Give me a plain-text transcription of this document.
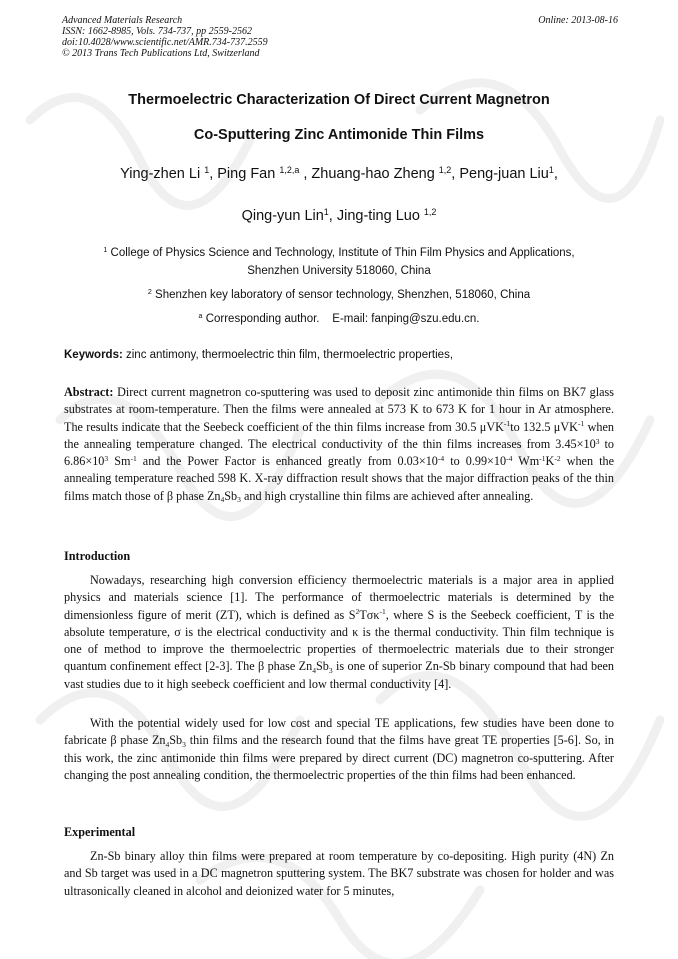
Advanced Materials Research
ISSN: 1662-8985, Vols. 734-737, pp 2559-2562
doi:10.4028/www.scientific.net/AMR.734-737.2559
© 2013 Trans Tech Publications Ltd, Switzerland
Online: 2013-08-16
Thermoelectric Characterization Of Direct Current Magnetron
Co-Sputtering Zinc Antimonide Thin Films
Ying-zhen Li $^1$, Ping Fan $^{1,2,a}$ , Zhuang-hao Zheng $^{1,2}$, Peng-juan Liu$^1$,
Qing-yun Lin$^1$, Jing-ting Luo $^{1,2}$
$^1$ College of Physics Science and Technology, Institute of Thin Film Physics and Applications,
Shenzhen University 518060, China
$^2$ Shenzhen key laboratory of sensor technology, Shenzhen, 518060, China
$^a$ Corresponding author. E-mail: fanping@szu.edu.cn.
Keywords: zinc antimony, thermoelectric thin film, thermoelectric properties,
Abstract: Direct current magnetron co-sputtering was used to deposit zinc antimonide thin films on BK7 glass substrates at room-temperature. Then the films were annealed at 573 K to 673 K for 1 hour in Ar atmosphere. The results indicate that the Seebeck coefficient of the thin films increase from 30.5 μVK$^{-1}$to 132.5 μVK$^{-1}$ when the annealing temperature changed. The electrical conductivity of the thin films increases from $3.45\times 10^3$ to $6.86\times 10^3$ $Sm^{-1}$ and the Power Factor is enhanced greatly from $0.03\times 10^{-4}$ to $0.99\times 10^{-4}$ $Wm^{-1}K^{-2}$ when the annealing temperature reached 598 K. X-ray diffraction result shows that the major diffraction peaks of the thin films match those of β phase $Zn_4Sb_3$ and high crystalline thin films are achieved after annealing.
Introduction
Nowadays, researching high conversion efficiency thermoelectric materials is a major area in applied physics and materials science [1]. The performance of thermoelectric materials is determined by the dimensionless figure of merit (ZT), which is defined as $S^2T\sigma\kappa^{-1}$, where S is the Seebeck coefficient, T is the absolute temperature, σ is the electrical conductivity and κ is the thermal conductivity. Thin film technique is one of method to improve the thermoelectric properties of thermoelectric materials due to their stronger quantum confinement effect [2-3]. The β phase $Zn_4Sb_3$ is one of superior Zn-Sb binary compound that had been vast studies due to it high seebeck coefficient and low thermal conductivity [4].
With the potential widely used for low cost and special TE applications, few studies have been done to fabricate β phase $Zn_4Sb_3$ thin films and the research found that the films have great TE properties [5-6]. So, in this work, the zinc antimonide thin films were prepared by direct current (DC) magnetron co-sputtering. After changing the post annealing condition, the thermoelectric properties of the thin films had been enhanced.
Experimental
Zn-Sb binary alloy thin films were prepared at room temperature by co-depositing. High purity (4N) Zn and Sb target was used in a DC magnetron sputtering system. The BK7 substrate was chosen for holder and was ultrasonically cleaned in alcohol and deionized water for 5 minutes,
